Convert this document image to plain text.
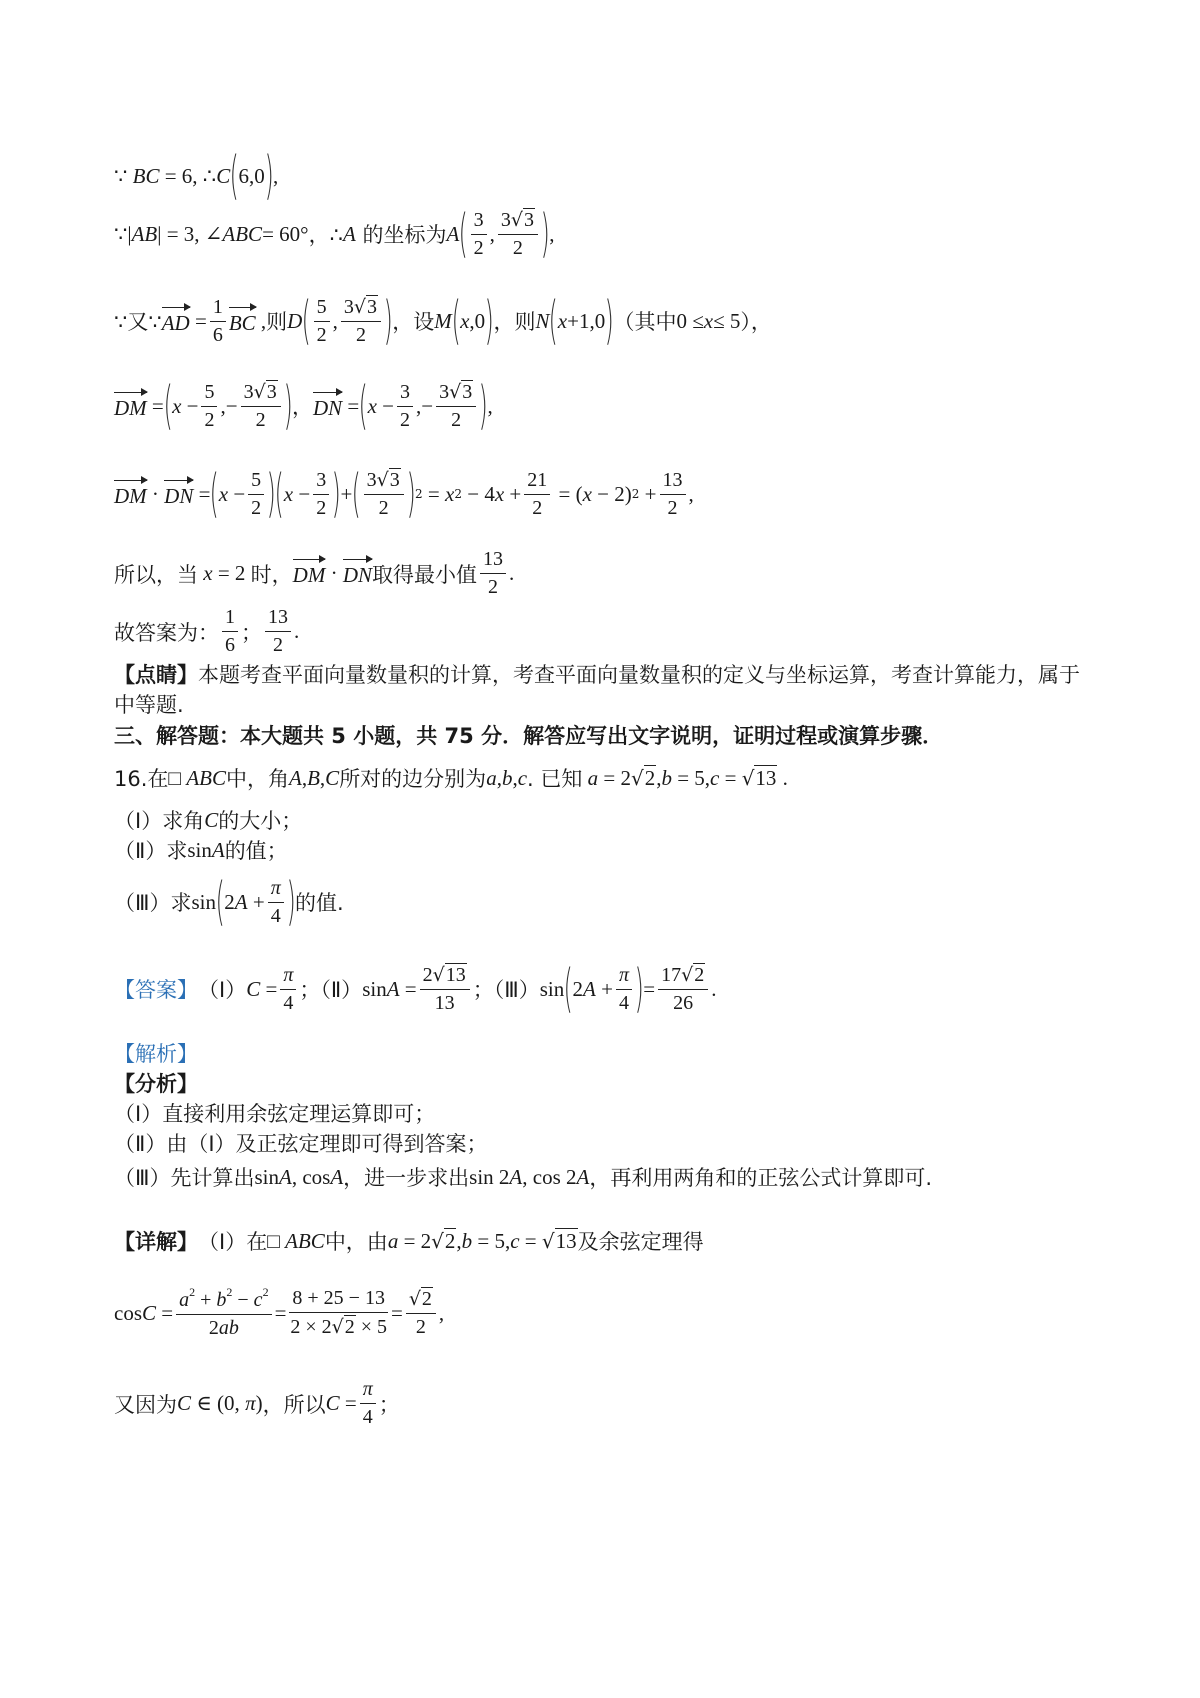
∵ BC = 6, ∴ C ( 6,0 ) ,
∵ | AB | = 3, ∠ ABC = 60° ，∴ A 的坐标为 A ( $\frac{3}{2}$ , $\frac{3√3}{2}$ ) ,
∵又∵ AD = $\frac{1}{6}$ BC , 则 D ( $\frac{5}{2}$ , $\frac{3√3}{2}$ ) ，设 M ( x ,0 ) ，则 N ( x +1,0 ) （其中 0 ≤ x ≤ 5 ），
DM = ( $x - \frac{5}{2}$ ,− $\frac{3√3}{2}$ ) ， DN = ( $x - \frac{3}{2}$ ,− $\frac{3√3}{2}$ ) ,
DM · DN = ( $x - \frac{5}{2}$ ) ( $x - \frac{3}{2}$ ) + ( $\frac{3√3}{2}$ ) 2 = x 2 − 4 $x + \frac{21}{2}$ = ( x − 2) $2 + \frac{13}{2}$ ,
所以，当 x = 2 时， DM · DN 取得最小值 $\frac{13}{2}$ .
故答案为： $\frac{1}{6}$ ； $\frac{13}{2}$ .
【点睛】 本题考查平面向量数量积的计算，考查平面向量数量积的定义与坐标运算，考查计算能力，属于
中等题.
三、解答题：本大题共 5 小题，共 75 分．解答应写出文字说明，证明过程或演算步骤．
16.在 □ ABC 中，角 A , B , C 所对的边分别为 a , b , c . 已知 a = 2 √ 2 , b = 5, c = √ 13 .
（Ⅰ）求角 C 的大小；
（Ⅱ）求 sin A 的值；
（Ⅲ）求 sin ( 2 $A + \frac{\pi}{4}$ ) 的值.
【答案】 （Ⅰ） $C = \frac{\pi}{4}$ ；（Ⅱ） $\sin A = \frac{2√13}{13}$ ；（Ⅲ） sin ( 2 $A + \frac{\pi}{4}$ ) = $\frac{17√2}{26}$ .
【解析】
【分析】
（Ⅰ）直接利用余弦定理运算即可；
（Ⅱ）由（Ⅰ）及正弦定理即可得到答案；
（Ⅲ）先计算出 sin A , cos A ，进一步求出 sin 2 A , cos 2 A ，再利用两角和的正弦公式计算即可.
【详解】 （Ⅰ）在 □ ABC 中，由 a = 2 √ 2 , b = 5, c = √ 13 及余弦定理得
$\cos C = \frac{a^2 + b^2 - c^2}{2ab} = \frac{8 + 25 - 13}{2 \times 2√2 \times 5} = \frac{√2}{2}$ ,
又因为 C ∈ (0, π ) ，所以 $C = \frac{\pi}{4}$ ；
